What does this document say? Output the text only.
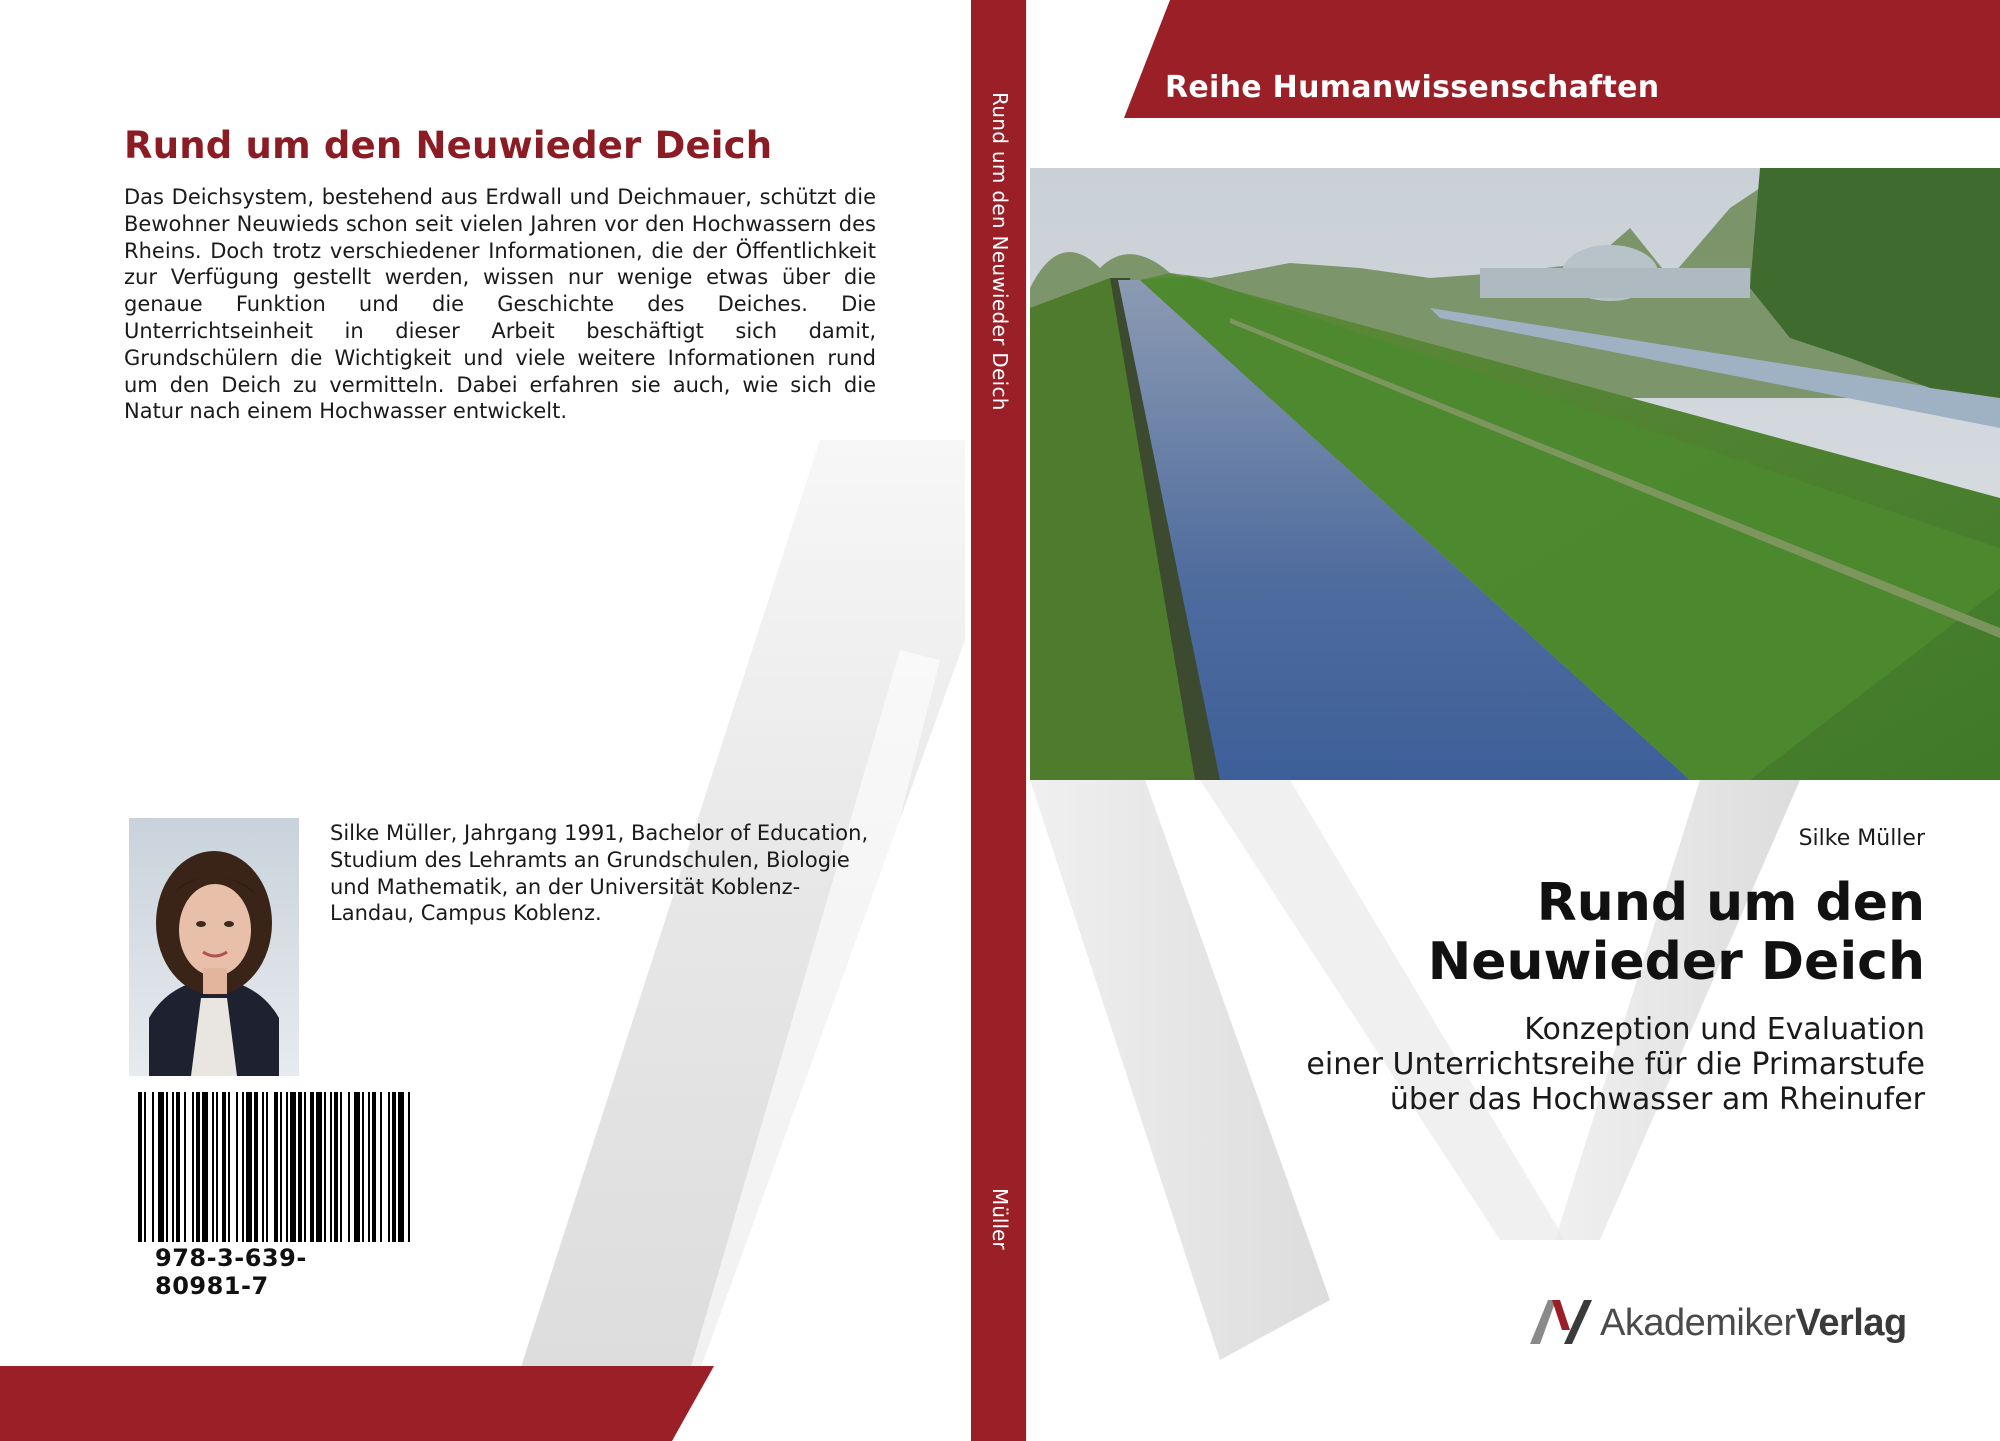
Rund um den Neuwieder Deich
Das Deichsystem, bestehend aus Erdwall und Deichmauer, schützt die Bewohner Neuwieds schon seit vielen Jahren vor den Hochwassern des Rheins. Doch trotz verschiedener Informationen, die der Öffentlichkeit zur Verfügung gestellt werden, wissen nur wenige etwas über die genaue Funktion und die Geschichte des Deiches. Die Unterrichtseinheit in dieser Arbeit beschäftigt sich damit, Grundschülern die Wichtigkeit und viele weitere Informationen rund um den Deich zu vermitteln. Dabei erfahren sie auch, wie sich die Natur nach einem Hochwasser entwickelt.
Silke Müller, Jahrgang 1991, Bachelor of Education, Studium des Lehramts an Grundschulen, Biologie und Mathematik, an der Universität Koblenz-Landau, Campus Koblenz.
978-3-639-80981-7
Rund um den Neuwieder Deich
Müller
Reihe Humanwissenschaften
Silke Müller
Rund um den
Neuwieder Deich
Konzeption und Evaluation
einer Unterrichtsreihe für die Primarstufe
über das Hochwasser am Rheinufer
AkademikerVerlag
